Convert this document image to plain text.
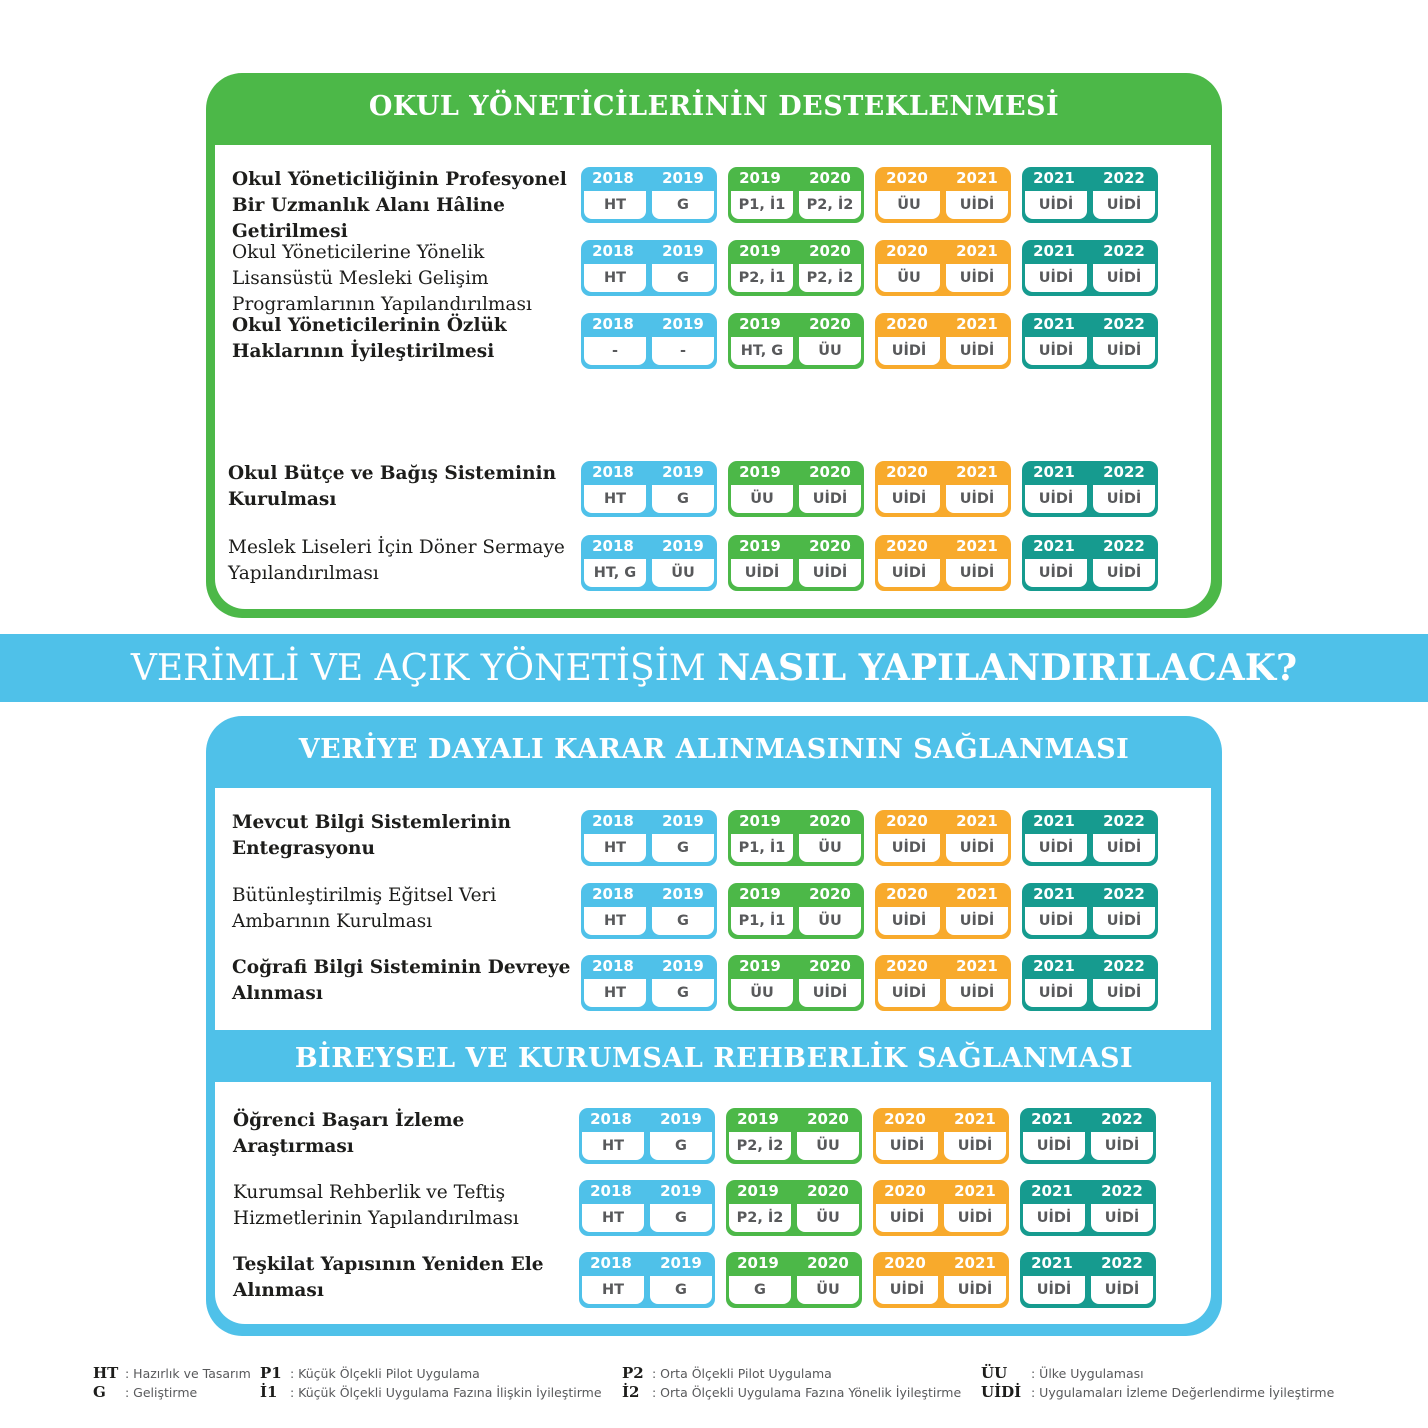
OKUL YÖNETİCİLERİNİN DESTEKLENMESİ
Okul Yöneticiliğinin Profesyonel Bir Uzmanlık Alanı Hâline Getirilmesi
2018
HT
2019
G
2019
P1, İ1
2020
P2, İ2
2020
ÜU
2021
UİDİ
2021
UİDİ
2022
UİDİ
Okul Yöneticilerine Yönelik Lisansüstü Mesleki Gelişim Programlarının Yapılandırılması
2018
HT
2019
G
2019
P2, İ1
2020
P2, İ2
2020
ÜU
2021
UİDİ
2021
UİDİ
2022
UİDİ
Okul Yöneticilerinin Özlük Haklarının İyileştirilmesi
2018
-
2019
-
2019
HT, G
2020
ÜU
2020
UİDİ
2021
UİDİ
2021
UİDİ
2022
UİDİ
OKUL FİNANSMANININ ÇEŞİTLENDİRİLMESİ
Okul Bütçe ve Bağış Sisteminin Kurulması
2018
HT
2019
G
2019
ÜU
2020
UİDİ
2020
UİDİ
2021
UİDİ
2021
UİDİ
2022
UİDİ
Meslek Liseleri İçin Döner Sermaye Yapılandırılması
2018
HT, G
2019
ÜU
2019
UİDİ
2020
UİDİ
2020
UİDİ
2021
UİDİ
2021
UİDİ
2022
UİDİ
VERİMLİ VE AÇIK YÖNETİŞİM NASIL YAPILANDIRILACAK?
VERİYE DAYALI KARAR ALINMASININ SAĞLANMASI
Mevcut Bilgi Sistemlerinin Entegrasyonu
2018
HT
2019
G
2019
P1, İ1
2020
ÜU
2020
UİDİ
2021
UİDİ
2021
UİDİ
2022
UİDİ
Bütünleştirilmiş Eğitsel Veri Ambarının Kurulması
2018
HT
2019
G
2019
P1, İ1
2020
ÜU
2020
UİDİ
2021
UİDİ
2021
UİDİ
2022
UİDİ
Coğrafi Bilgi Sisteminin Devreye Alınması
2018
HT
2019
G
2019
ÜU
2020
UİDİ
2020
UİDİ
2021
UİDİ
2021
UİDİ
2022
UİDİ
BİREYSEL VE KURUMSAL REHBERLİK SAĞLANMASI
Öğrenci Başarı İzleme Araştırması
2018
HT
2019
G
2019
P2, İ2
2020
ÜU
2020
UİDİ
2021
UİDİ
2021
UİDİ
2022
UİDİ
Kurumsal Rehberlik ve Teftiş Hizmetlerinin Yapılandırılması
2018
HT
2019
G
2019
P2, İ2
2020
ÜU
2020
UİDİ
2021
UİDİ
2021
UİDİ
2022
UİDİ
Teşkilat Yapısının Yeniden Ele Alınması
2018
HT
2019
G
2019
G
2020
ÜU
2020
UİDİ
2021
UİDİ
2021
UİDİ
2022
UİDİ
HT : Hazırlık ve Tasarım
G : Geliştirme
P1 : Küçük Ölçekli Pilot Uygulama
İ1 : Küçük Ölçekli Uygulama Fazına İlişkin İyileştirme
P2 : Orta Ölçekli Pilot Uygulama
İ2 : Orta Ölçekli Uygulama Fazına Yönelik İyileştirme
ÜU : Ülke Uygulaması
UİDİ : Uygulamaları İzleme Değerlendirme İyileştirme
